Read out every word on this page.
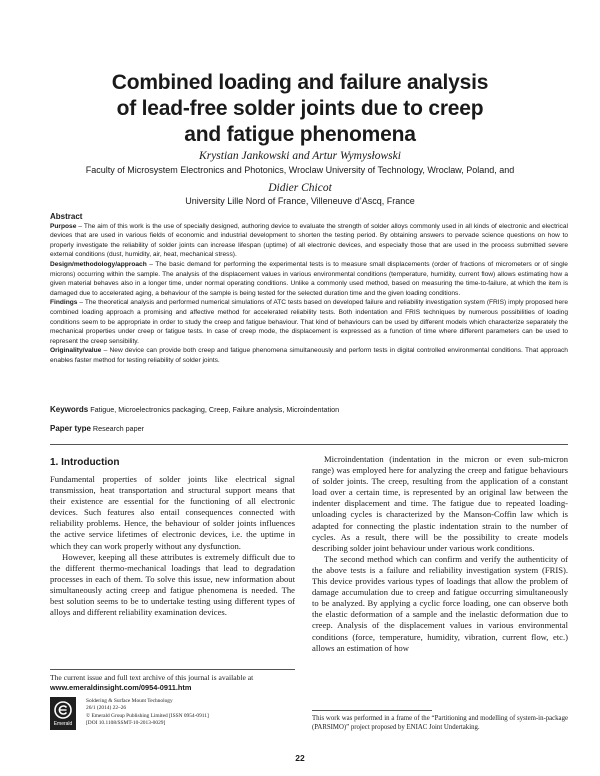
Combined loading and failure analysis
of lead-free solder joints due to creep
and fatigue phenomena
Krystian Jankowski and Artur Wymysłowski
Faculty of Microsystem Electronics and Photonics, Wroclaw University of Technology, Wroclaw, Poland, and
Didier Chicot
University Lille Nord of France, Villeneuve d’Ascq, France
Abstract

Purpose – The aim of this work is the use of specially designed, authoring device to evaluate the strength of solder alloys commonly used in all kinds of electronic and electrical devices that are used in various fields of economic and industrial development to shorten the testing period. By obtaining answers to pervade science questions on how to properly investigate the reliability of solder joints can increase lifespan (uptime) of all electronic devices, and especially those that are used in the process submitted severe external conditions (dust, humidity, air, heat, mechanical stress).

Design/methodology/approach – The basic demand for performing the experimental tests is to measure small displacements (order of fractions of micrometers or of single microns) occurring within the sample. The analysis of the displacement values in various environmental conditions (temperature, humidity, current flow) allows estimating how a given material behaves also in a longer time, under normal operating conditions. Unlike a commonly used method, based on measuring the time-to-failure, at which the item is damaged due to accelerated aging, a behaviour of the sample is being tested for the selected duration time and the given loading conditions.

Findings – The theoretical analysis and performed numerical simulations of ATC tests based on developed failure and reliability investigation system (FRIS) imply proposed here combined loading approach a promising and affective method for accelerated reliability tests. Both indentation and FRIS techniques by numerous possibilities of loading conditions seem to be appropriate in order to study the creep and fatigue behaviour. That kind of behaviours can be used by different models which characterize separately the mechanical properties under creep or fatigue tests. In case of creep mode, the displacement is expressed as a function of time where different parameters can be used to represent the creep sensibility.

Originality/value – New device can provide both creep and fatigue phenomena simultaneously and perform tests in digital controlled environmental conditions. That approach enables faster method for testing reliability of solder joints.

Keywords Fatigue, Microelectronics packaging, Creep, Failure analysis, Microindentation
Paper type Research paper
1. Introduction

Fundamental properties of solder joints like electrical signal transmission, heat transportation and structural support means that their existence are essential for the functioning of all electronic devices. Such features also entail consequences connected with reliability problems. Hence, the behaviour of solder joints influences the active service lifetimes of electronic devices, i.e. the uptime in which they can work properly without any dysfunction.

However, keeping all these attributes is extremely difficult due to the different thermo-mechanical loadings that lead to degradation processes in each of them. To solve this issue, new information about simultaneously acting creep and fatigue phenomena is needed. The best solution seems to be to undertake testing using different types of alloys and different reliability examination devices.

Microindentation (indentation in the micron or even sub-micron range) was employed here for analyzing the creep and fatigue behaviours of solder joints. The creep, resulting from the application of a constant load over a certain time, is represented by an original law between the indenter displacement and time. The fatigue due to repeated loading-unloading cycles is characterized by the Manson-Coffin law which is adapted for connecting the plastic indentation strain to the number of cycles. As a result, there will be the possibility to create models describing solder joint behaviour under various work conditions.

The second method which can confirm and verify the authenticity of the above tests is a failure and reliability investigation system (FRIS). This device provides various types of loadings that allow the problem of damage accumulation due to creep and fatigue occurring simultaneously to be analyzed. By applying a cyclic force loading, one can observe both the elastic deformation of a sample and the inelastic deformation due to creep. Analysis of the displacement values in various environmental conditions (force, temperature, humidity, vibration, current flow, etc.) allows an estimation of how

The current issue and full text archive of this journal is available at
www.emeraldinsight.com/0954-0911.htm
Emerald
Soldering & Surface Mount Technology
26/1 (2014) 22–26
© Emerald Group Publishing Limited [ISSN 0954-0911]
[DOI 10.1108/SSMT-10-2013-0029]
This work was performed in a frame of the “Partitioning and modelling of system-in-package (PARSIMO)” project proposed by ENIAC Joint Undertaking.
22
